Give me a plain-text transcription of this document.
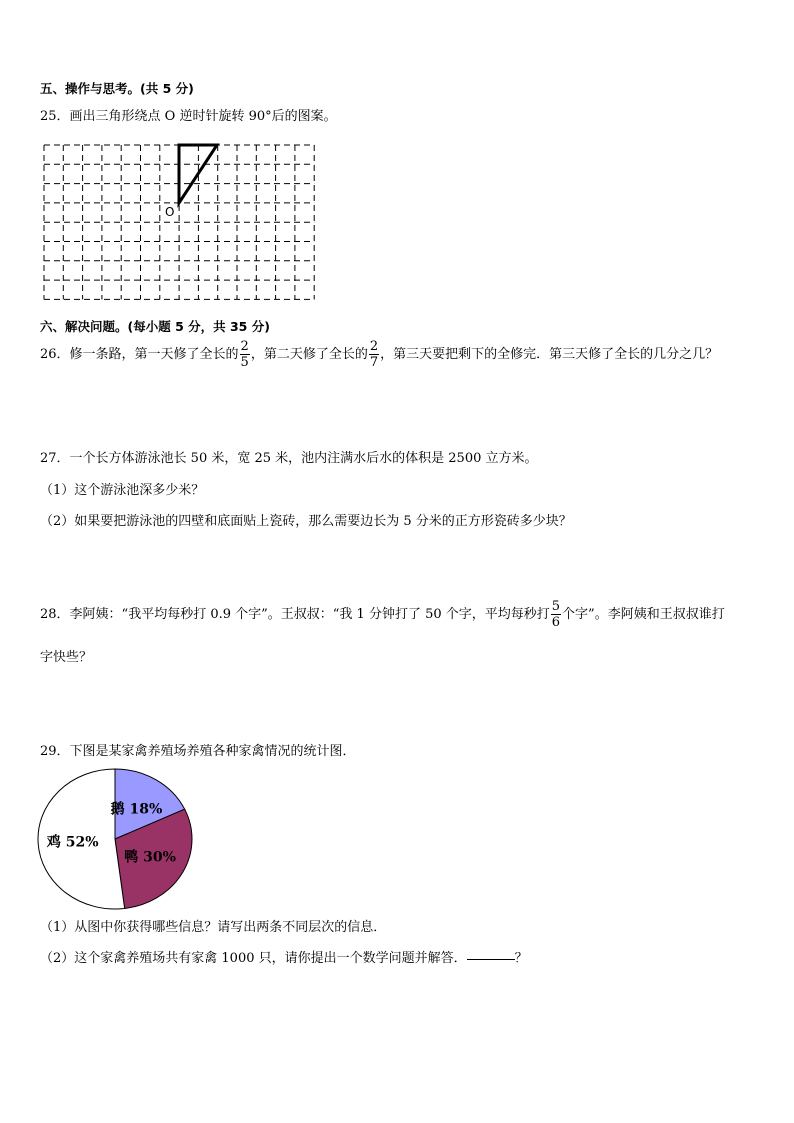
五、操作与思考。(共 5 分)
25．画出三角形绕点 O 逆时针旋转 90°后的图案。
O
六、解决问题。(每小题 5 分，共 35 分)
26．修一条路，第一天修了全长的 $\frac{2}{5}$ ，第二天修了全长的 $\frac{2}{7}$ ，第三天要把剩下的全修完．第三天修了全长的几分之几？
27．一个长方体游泳池长 50 米，宽 25 米，池内注满水后水的体积是 2500 立方米。
（1）这个游泳池深多少米？
（2）如果要把游泳池的四壁和底面贴上瓷砖，那么需要边长为 5 分米的正方形瓷砖多少块？
28．李阿姨：“我平均每秒打 0.9 个字”。王叔叔：“我 1 分钟打了 50 个字，平均每秒打 $\frac{5}{6}$ 个字”。李阿姨和王叔叔谁打
字快些？
29．下图是某家禽养殖场养殖各种家禽情况的统计图．
鹅 18%
鸭 30%
鸡 52%
（1）从图中你获得哪些信息？请写出两条不同层次的信息．
（2）这个家禽养殖场共有家禽 1000 只，请你提出一个数学问题并解答．	？
